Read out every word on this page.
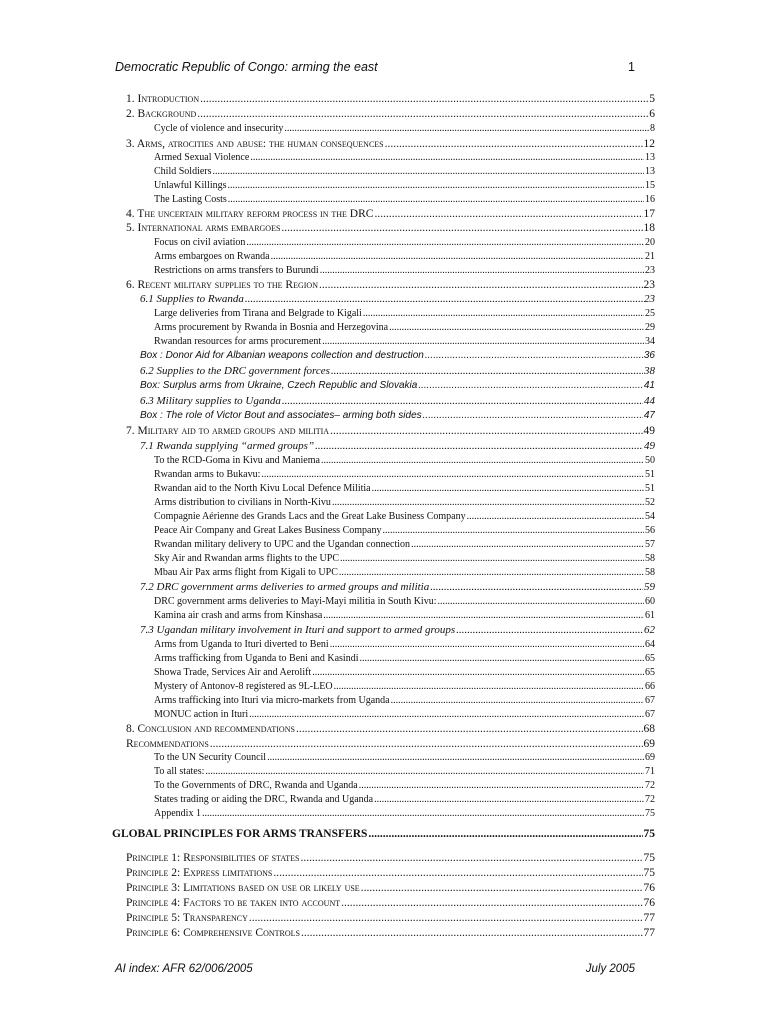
Democratic Republic of Congo: arming the east	1
1. Introduction .....	5
2. Background .....	6
Cycle of violence and insecurity .....	8
3. Arms, atrocities and abuse: the human consequences .....	12
Armed Sexual Violence .....	13
Child Soldiers .....	13
Unlawful Killings .....	15
The Lasting Costs .....	16
4. The uncertain military reform process in the DRC .....	17
5. International arms embargoes .....	18
Focus on civil aviation .....	20
Arms embargoes on Rwanda .....	21
Restrictions on arms transfers to Burundi .....	23
6. Recent military supplies to the Region .....	23
6.1 Supplies to Rwanda .....	23
Large deliveries from Tirana and Belgrade to Kigali .....	25
Arms procurement by Rwanda in Bosnia and Herzegovina .....	29
Rwandan resources for arms procurement .....	34
Box : Donor Aid for Albanian weapons collection and destruction .....	36
6.2 Supplies to the DRC government forces .....	38
Box: Surplus arms from Ukraine, Czech Republic and Slovakia .....	41
6.3 Military supplies to Uganda .....	44
Box : The role of Victor Bout and associates– arming both sides .....	47
7. Military aid to armed groups and militia .....	49
7.1 Rwanda supplying “armed groups” .....	49
To the RCD-Goma in Kivu and Maniema .....	50
Rwandan arms to Bukavu: .....	51
Rwandan aid to the North Kivu Local Defence Militia .....	51
Arms distribution to civilians in North-Kivu .....	52
Compagnie Aérienne des Grands Lacs and the Great Lake Business Company .....	54
Peace Air Company and Great Lakes Business Company .....	56
Rwandan military delivery to UPC and the Ugandan connection .....	57
Sky Air and Rwandan arms flights to the UPC .....	58
Mbau Air Pax arms flight from Kigali to UPC .....	58
7.2 DRC government arms deliveries to armed groups and militia .....	59
DRC government arms deliveries to Mayi-Mayi militia in South Kivu: .....	60
Kamina air crash and arms from Kinshasa .....	61
7.3 Ugandan military involvement in Ituri and support to armed groups .....	62
Arms from Uganda to Ituri diverted to Beni .....	64
Arms trafficking from Uganda to Beni and Kasindi .....	65
Showa Trade, Services Air and Aerolift .....	65
Mystery of Antonov-8 registered as 9L-LEO .....	66
Arms trafficking into Ituri via micro-markets from Uganda .....	67
MONUC action in Ituri .....	67
8. Conclusion and recommendations .....	68
Recommendations .....	69
To the UN Security Council .....	69
To all states: .....	71
To the Governments of DRC, Rwanda and Uganda .....	72
States trading or aiding the DRC, Rwanda and Uganda .....	72
Appendix 1 .....	75
GLOBAL PRINCIPLES FOR ARMS TRANSFERS .....	75
Principle 1: Responsibilities of states .....	75
Principle 2: Express limitations .....	75
Principle 3: Limitations based on use or likely use .....	76
Principle 4: Factors to be taken into account .....	76
Principle 5: Transparency .....	77
Principle 6: Comprehensive Controls .....	77
AI index: AFR 62/006/2005	July 2005
